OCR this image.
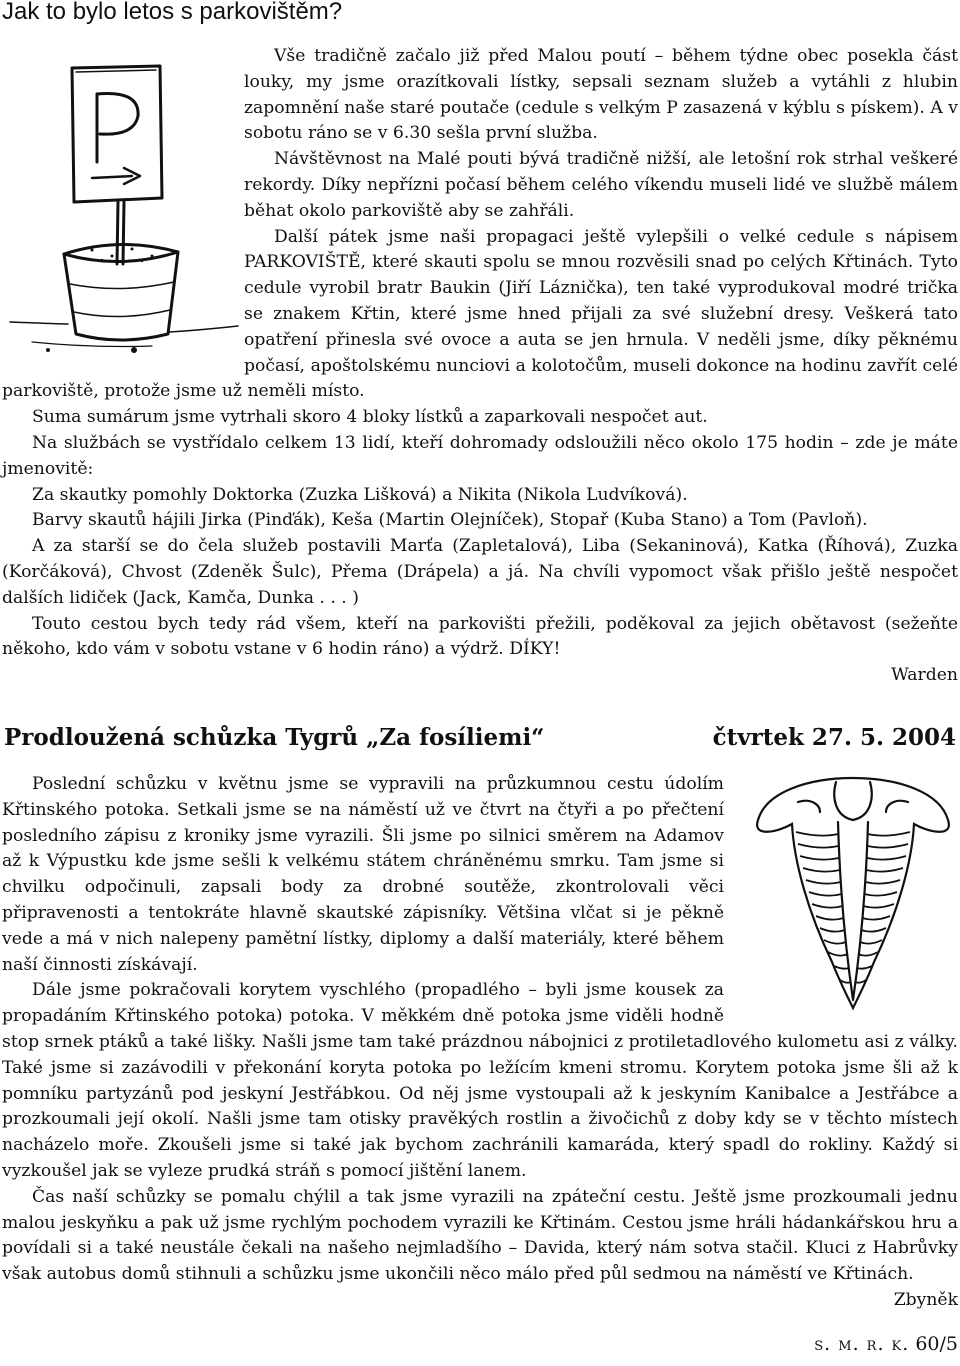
Jak to bylo letos s parkovištěm?

Vše tradičně začalo již před Malou poutí – během týdne obec posekla část louky, my jsme orazítkovali lístky, sepsali seznam služeb a vytáhli z hlubin zapomnění naše staré poutače (cedule s velkým P zasazená v kýblu s pískem). A v sobotu ráno se v 6.30 sešla první služba.

Návštěvnost na Malé pouti bývá tradičně nižší, ale letošní rok strhal veškeré rekordy. Díky nepřízni počasí během celého víkendu museli lidé ve službě málem běhat okolo parkoviště aby se zahřáli.

Další pátek jsme naši propagaci ještě vylepšili o velké cedule s nápisem PARKOVIŠTĚ, které skauti spolu se mnou rozvěsili snad po celých Křtinách. Tyto cedule vyrobil bratr Baukin (Jiří Láznička), ten také vyprodukoval modré trička se znakem Křtin, které jsme hned přijali za své služební dresy. Veškerá tato opatření přinesla své ovoce a auta se jen hrnula. V neděli jsme, díky pěknému počasí, apoštolskému nunciovi a kolotočům, museli dokonce na hodinu zavřít celé parkoviště, protože jsme už neměli místo.

Suma sumárum jsme vytrhali skoro 4 bloky lístků a zaparkovali nespočet aut.

Na službách se vystřídalo celkem 13 lidí, kteří dohromady odsloužili něco okolo 175 hodin – zde je máte jmenovitě:

Za skautky pomohly Doktorka (Zuzka Lišková) a Nikita (Nikola Ludvíková).

Barvy skautů hájili Jirka (Pinďák), Keša (Martin Olejníček), Stopař (Kuba Stano) a Tom (Pavloň).

A za starší se do čela služeb postavili Marťa (Zapletalová), Liba (Sekaninová), Katka (Říhová), Zuzka (Korčáková), Chvost (Zdeněk Šulc), Přema (Drápela) a já. Na chvíli vypomoct však přišlo ještě nespočet dalších lidiček (Jack, Kamča, Dunka . . . )

Touto cestou bych tedy rád všem, kteří na parkovišti přežili, poděkoval za jejich obětavost (sežeňte někoho, kdo vám v sobotu vstane v 6 hodin ráno) a výdrž. DÍKY!

Warden
Prodloužená schůzka Tygrů „Za fosíliemi“	čtvrtek 27. 5. 2004

Poslední schůzku v květnu jsme se vypravili na průzkumnou cestu údolím Křtinského potoka. Setkali jsme se na náměstí už ve čtvrt na čtyři a po přečtení posledního zápisu z kroniky jsme vyrazili. Šli jsme po silnici směrem na Adamov až k Výpustku kde jsme sešli k velkému státem chráněnému smrku. Tam jsme si chvilku odpočinuli, zapsali body za drobné soutěže, zkontrolovali věci připravenosti a tentokráte hlavně skautské zápisníky. Většina vlčat si je pěkně vede a má v nich nalepeny pamětní lístky, diplomy a další materiály, které během naší činnosti získávají.

Dále jsme pokračovali korytem vyschlého (propadlého – byli jsme kousek za propadáním Křtinského potoka) potoka. V měkkém dně potoka jsme viděli hodně stop srnek ptáků a také lišky. Našli jsme tam také prázdnou nábojnici z protiletadlového kulometu asi z války. Také jsme si zazávodili v překonání koryta potoka po ležícím kmeni stromu. Korytem potoka jsme šli až k pomníku partyzánů pod jeskyní Jestřábkou. Od něj jsme vystoupali až k jeskyním Kanibalce a Jestřábce a prozkoumali její okolí. Našli jsme tam otisky pravěkých rostlin a živočichů z doby kdy se v těchto místech nacházelo moře. Zkoušeli jsme si také jak bychom zachránili kamaráda, který spadl do rokliny. Každý si vyzkoušel jak se vyleze prudká stráň s pomocí jištění lanem.

Čas naší schůzky se pomalu chýlil a tak jsme vyrazili na zpáteční cestu. Ještě jsme prozkoumali jednu malou jeskyňku a pak už jsme rychlým pochodem vyrazili ke Křtinám. Cestou jsme hráli hádankářskou hru a povídali si a také neustále čekali na našeho nejmladšího – Davida, který nám sotva stačil. Kluci z Habrůvky však autobus domů stihnuli a schůzku jsme ukončili něco málo před půl sedmou na náměstí ve Křtinách.

Zbyněk
s. m. r. k. 60/5
